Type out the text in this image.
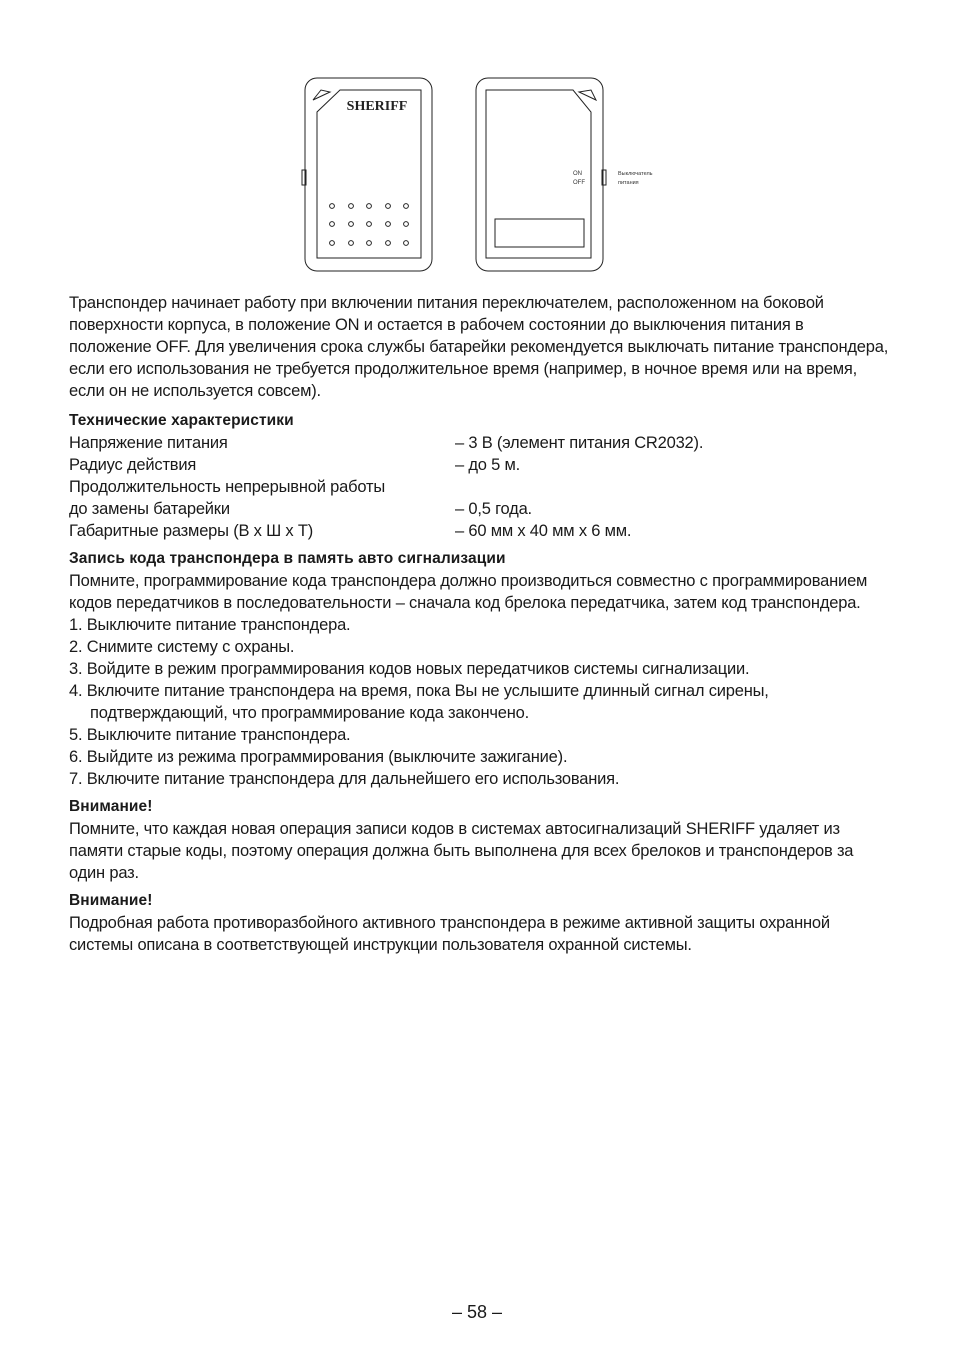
SHERIFF
ON
OFF
Выключатель
питания

Транспондер начинает работу при включении питания переключателем, расположенном на боковой поверхности корпуса, в положение ON и остается в рабочем состоянии до выключения питания в положение OFF. Для увеличения срока службы батарейки рекомендуется выключать питание транспондера, если его использования не требуется продолжительное время (например, в ночное время или на время, если он не используется совсем).

Технические характеристики

Напряжение питания	– 3 В (элемент питания CR2032).
Радиус действия	– до 5 м.
Продолжительность непрерывной работы
до замены батарейки	– 0,5 года.
Габаритные размеры (В х Ш х Т)	– 60 мм х 40 мм х 6 мм.

Запись кода транспондера в память авто сигнализации

Помните, программирование кода транспондера должно производиться совместно с программированием кодов передатчиков в последовательности – сначала код брелока передатчика, затем код транспондера.

1. Выключите питание транспондера.
2. Снимите систему с охраны.
3. Войдите в режим программирования кодов новых передатчиков системы сигнализации.
4. Включите питание транспондера на время, пока Вы не услышите длинный сигнал сирены, подтверждающий, что программирование кода закончено.
5. Выключите питание транспондера.
6. Выйдите из режима программирования (выключите зажигание).
7. Включите питание транспондера для дальнейшего его использования.

Внимание!

Помните, что каждая новая операция записи кодов в системах автосигнализаций SHERIFF удаляет из памяти старые коды, поэтому операция должна быть выполнена для всех брелоков и транспондеров за один раз.

Внимание!

Подробная работа противоразбойного активного транспондера в режиме активной защиты охранной системы описана в соответствующей инструкции пользователя охранной системы.

– 58 –
